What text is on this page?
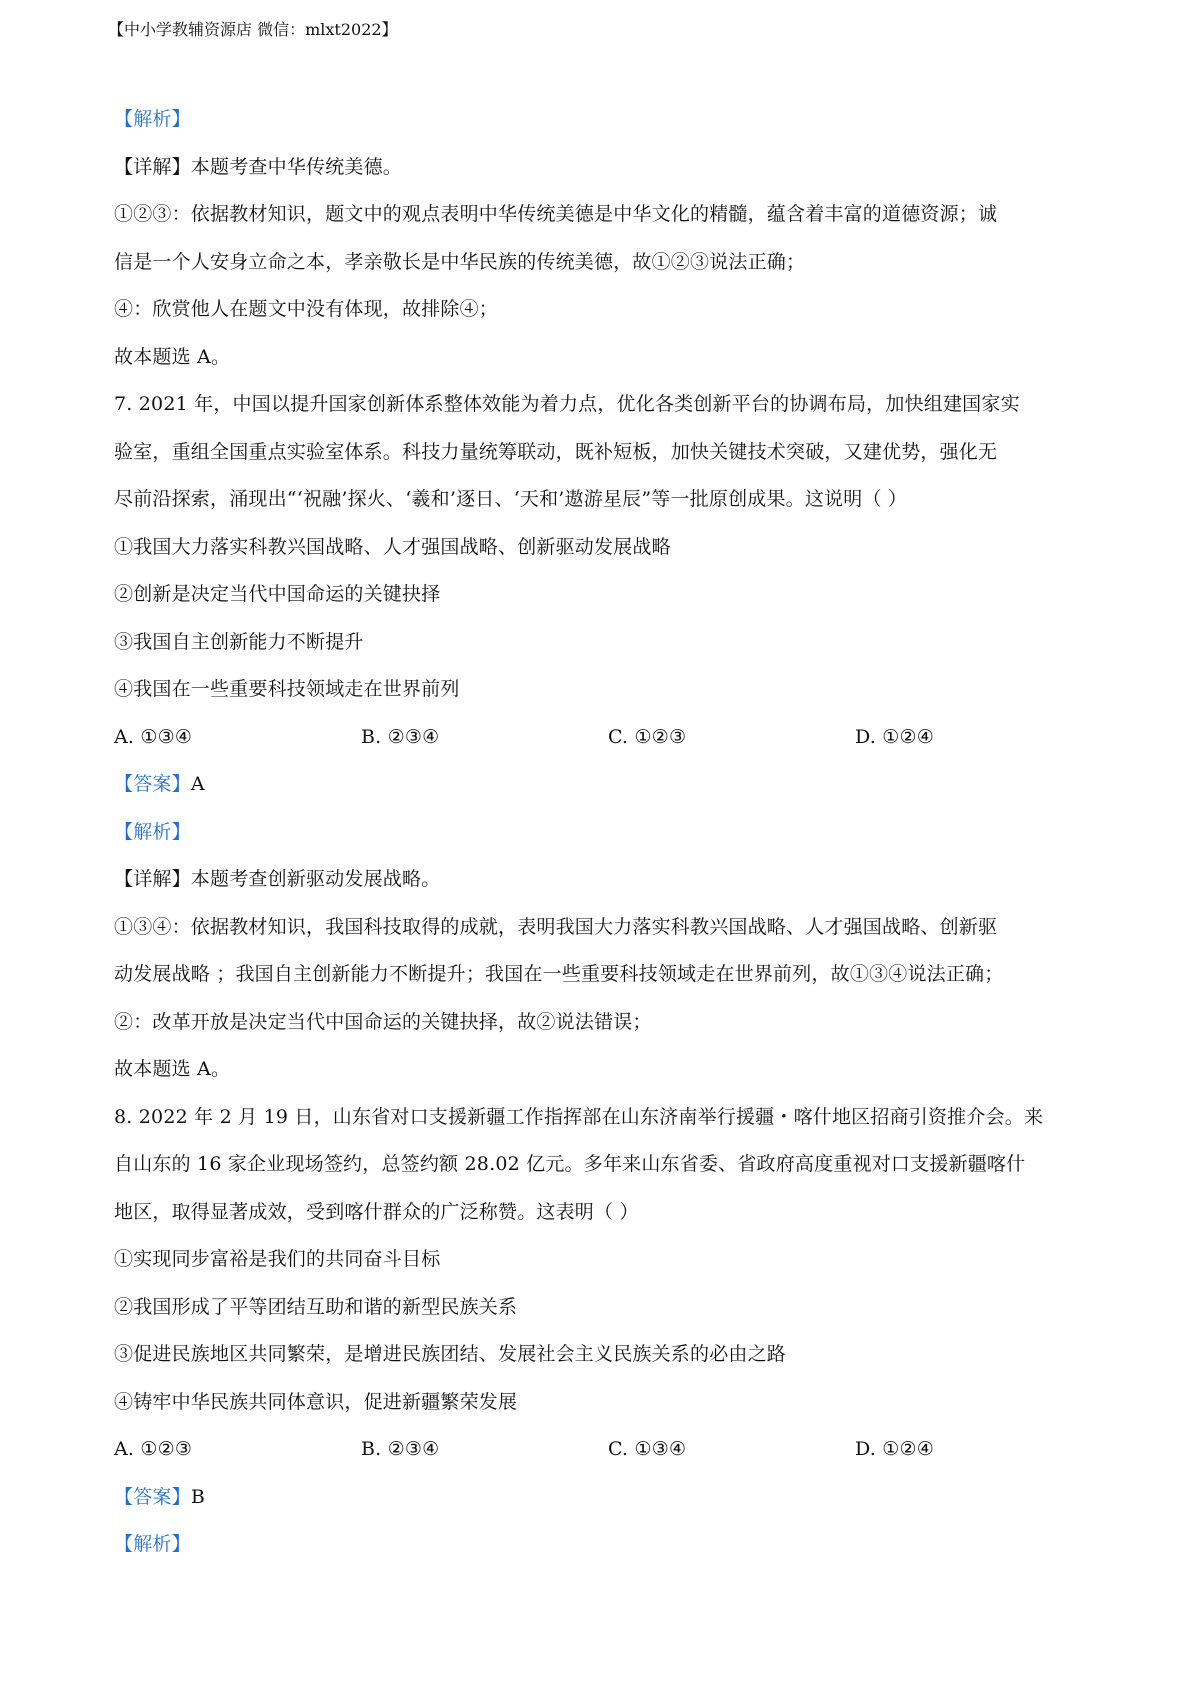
【中小学教辅资源店 微信：mlxt2022】
【解析】
【详解】本题考查中华传统美德。
①②③：依据教材知识，题文中的观点表明中华传统美德是中华文化的精髓，蕴含着丰富的道德资源；诚
信是一个人安身立命之本，孝亲敬长是中华民族的传统美德，故①②③说法正确；
④：欣赏他人在题文中没有体现，故排除④；
故本题选 A。
7. 2021 年，中国以提升国家创新体系整体效能为着力点，优化各类创新平台的协调布局，加快组建国家实
验室，重组全国重点实验室体系。科技力量统筹联动，既补短板，加快关键技术突破，又建优势，强化无
尽前沿探索，涌现出“‘祝融’探火、‘羲和’逐日、‘天和’遨游星辰”等一批原创成果。这说明（ ）
①我国大力落实科教兴国战略、人才强国战略、创新驱动发展战略
②创新是决定当代中国命运的关键抉择
③我国自主创新能力不断提升
④我国在一些重要科技领域走在世界前列
A. ①③④	B. ②③④	C. ①②③	D. ①②④
【答案】A
【解析】
【详解】本题考查创新驱动发展战略。
①③④：依据教材知识，我国科技取得的成就，表明我国大力落实科教兴国战略、人才强国战略、创新驱
动发展战略 ；我国自主创新能力不断提升；我国在一些重要科技领域走在世界前列，故①③④说法正确；
②：改革开放是决定当代中国命运的关键抉择，故②说法错误；
故本题选 A。
8. 2022 年 2 月 19 日，山东省对口支援新疆工作指挥部在山东济南举行援疆・喀什地区招商引资推介会。来
自山东的 16 家企业现场签约，总签约额 28.02 亿元。多年来山东省委、省政府高度重视对口支援新疆喀什
地区，取得显著成效，受到喀什群众的广泛称赞。这表明（ ）
①实现同步富裕是我们的共同奋斗目标
②我国形成了平等团结互助和谐的新型民族关系
③促进民族地区共同繁荣，是增进民族团结、发展社会主义民族关系的必由之路
④铸牢中华民族共同体意识，促进新疆繁荣发展
A. ①②③	B. ②③④	C. ①③④	D. ①②④
【答案】B
【解析】
